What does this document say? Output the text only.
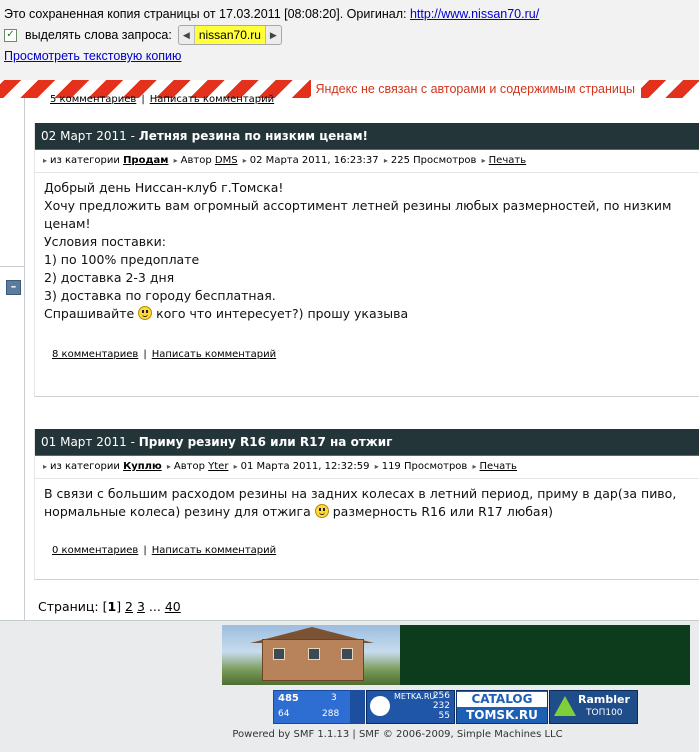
Это сохраненная копия страницы от 17.03.2011 [08:08:20]. Оригинал: http://www.nissan70.ru/
✓ выделять слова запроса:	◀ nissan70.ru	▶
Просмотреть текстовую копию
Яндекс не связан с авторами и содержимым страницы
–
5 комментариев | Написать комментарий
02 Март 2011 - Летняя резина по низким ценам!
▸ из категории Продам ▸ Автор DMS ▸ 02 Марта 2011, 16:23:37 ▸ 225 Просмотров ▸ Печать
Добрый день Ниссан-клуб г.Томска!
Хочу предложить вам огромный ассортимент летней резины любых размерностей, по низким ценам!
Условия поставки:
1) по 100% предоплате
2) доставка 2-3 дня
3) доставка по городу бесплатная.
Спрашивайте кого что интересует?) прошу указыва
8 комментариев | Написать комментарий
01 Март 2011 - Приму резину R16 или R17 на отжиг
▸ из категории Куплю ▸ Автор Yter ▸ 01 Марта 2011, 12:32:59 ▸ 119 Просмотров ▸ Печать
В связи с большим расходом резины на задних колесах в летний период, приму в дар(за пиво,
нормальные колеса) резину для отжига размерность R16 или R17 любая)
0 комментариев | Написать комментарий
Страниц: [1] 2 3 ... 40
485	3
64	288
METKA.RU
256
232
55
CATALOG
TOMSK.RU
Rambler
ТОП100
Powered by SMF 1.1.13 | SMF © 2006-2009, Simple Machines LLC
